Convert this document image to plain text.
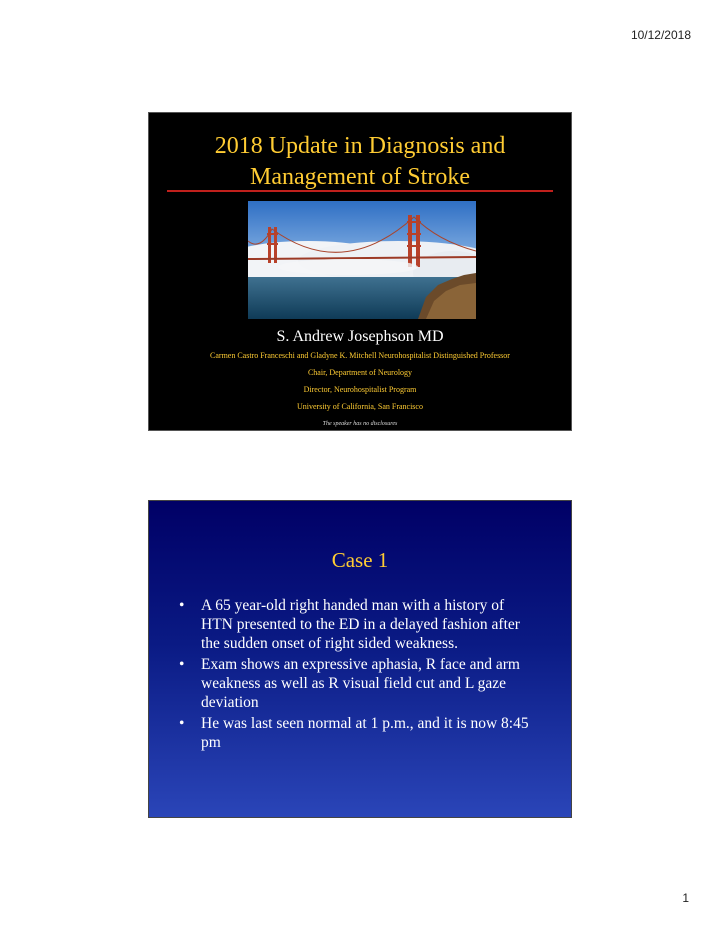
10/12/2018
2018 Update in Diagnosis and
Management of Stroke
S. Andrew Josephson MD
Carmen Castro Franceschi and Gladyne K. Mitchell Neurohospitalist Distinguished Professor
Chair, Department of Neurology
Director, Neurohospitalist Program
University of California, San Francisco
The speaker has no disclosures
Case 1
• A 65 year-old right handed man with a history of HTN presented to the ED in a delayed fashion after the sudden onset of right sided weakness.
• Exam shows an expressive aphasia, R face and arm weakness as well as R visual field cut and L gaze deviation
• He was last seen normal at 1 p.m., and it is now 8:45 pm
1
